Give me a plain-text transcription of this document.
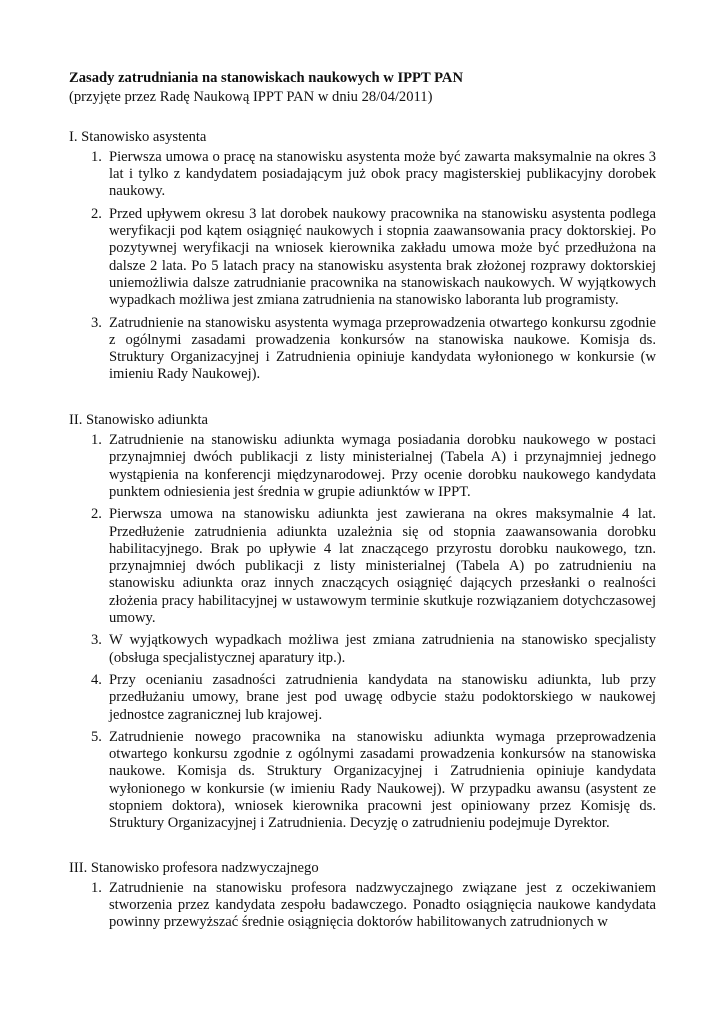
Zasady zatrudniania na stanowiskach naukowych w IPPT PAN

(przyjęte przez Radę Naukową IPPT PAN w dniu 28/04/2011)

I. Stanowisko asystenta

1. Pierwsza umowa o pracę na stanowisku asystenta może być zawarta maksymalnie na okres 3 lat i tylko z kandydatem posiadającym już obok pracy magisterskiej publikacyjny dorobek naukowy.
2. Przed upływem okresu 3 lat dorobek naukowy pracownika na stanowisku asystenta podlega weryfikacji pod kątem osiągnięć naukowych i stopnia zaawansowania pracy doktorskiej. Po pozytywnej weryfikacji na wniosek kierownika zakładu umowa może być przedłużona na dalsze 2 lata. Po 5 latach pracy na stanowisku asystenta brak złożonej rozprawy doktorskiej uniemożliwia dalsze zatrudnianie pracownika na stanowiskach naukowych. W wyjątkowych wypadkach możliwa jest zmiana zatrudnienia na stanowisko laboranta lub programisty.
3. Zatrudnienie na stanowisku asystenta wymaga przeprowadzenia otwartego konkursu zgodnie z ogólnymi zasadami prowadzenia konkursów na stanowiska naukowe. Komisja ds. Struktury Organizacyjnej i Zatrudnienia opiniuje kandydata wyłonionego w konkursie (w imieniu Rady Naukowej).

II. Stanowisko adiunkta

1. Zatrudnienie na stanowisku adiunkta wymaga posiadania dorobku naukowego w postaci przynajmniej dwóch publikacji z listy ministerialnej (Tabela A) i przynajmniej jednego wystąpienia na konferencji międzynarodowej. Przy ocenie dorobku naukowego kandydata punktem odniesienia jest średnia w grupie adiunktów w IPPT.
2. Pierwsza umowa na stanowisku adiunkta jest zawierana na okres maksymalnie 4 lat. Przedłużenie zatrudnienia adiunkta uzależnia się od stopnia zaawansowania dorobku habilitacyjnego. Brak po upływie 4 lat znaczącego przyrostu dorobku naukowego, tzn. przynajmniej dwóch publikacji z listy ministerialnej (Tabela A) po zatrudnieniu na stanowisku adiunkta oraz innych znaczących osiągnięć dających przesłanki o realności złożenia pracy habilitacyjnej w ustawowym terminie skutkuje rozwiązaniem dotychczasowej umowy.
3. W wyjątkowych wypadkach możliwa jest zmiana zatrudnienia na stanowisko specjalisty (obsługa specjalistycznej aparatury itp.).
4. Przy ocenianiu zasadności zatrudnienia kandydata na stanowisku adiunkta, lub przy przedłużaniu umowy, brane jest pod uwagę odbycie stażu podoktorskiego w naukowej jednostce zagranicznej lub krajowej.
5. Zatrudnienie nowego pracownika na stanowisku adiunkta wymaga przeprowadzenia otwartego konkursu zgodnie z ogólnymi zasadami prowadzenia konkursów na stanowiska naukowe. Komisja ds. Struktury Organizacyjnej i Zatrudnienia opiniuje kandydata wyłonionego w konkursie (w imieniu Rady Naukowej). W przypadku awansu (asystent ze stopniem doktora), wniosek kierownika pracowni jest opiniowany przez Komisję ds. Struktury Organizacyjnej i Zatrudnienia. Decyzję o zatrudnieniu podejmuje Dyrektor.

III. Stanowisko profesora nadzwyczajnego

1. Zatrudnienie na stanowisku profesora nadzwyczajnego związane jest z oczekiwaniem stworzenia przez kandydata zespołu badawczego. Ponadto osiągnięcia naukowe kandydata powinny przewyższać średnie osiągnięcia doktorów habilitowanych zatrudnionych w
